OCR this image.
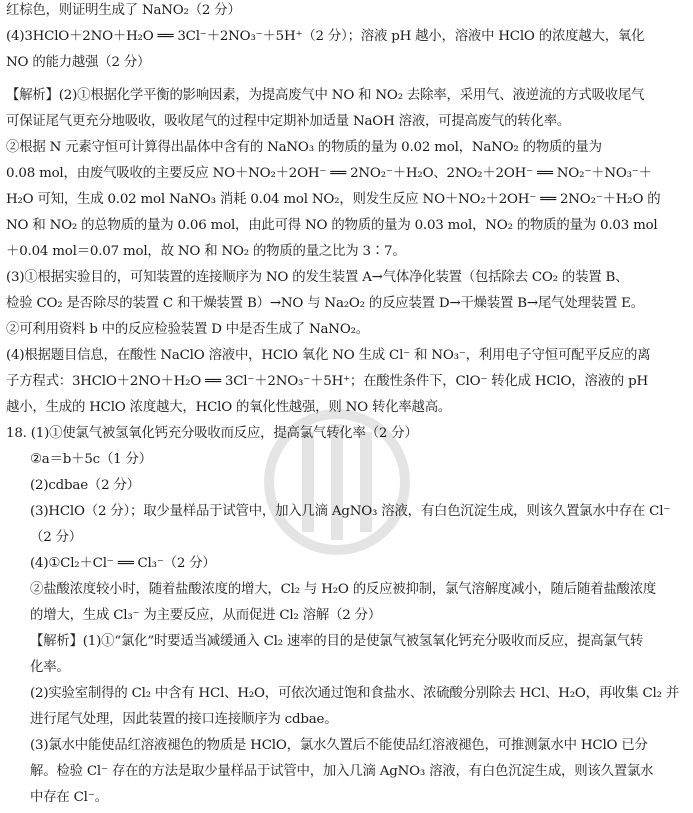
红棕色，则证明生成了 NaNO₂（2 分）
(4)3HClO＋2NO＋H₂O ══ 3Cl⁻＋2NO₃⁻＋5H⁺（2 分）；溶液 pH 越小，溶液中 HClO 的浓度越大，氧化
NO 的能力越强（2 分）
【解析】(2)①根据化学平衡的影响因素，为提高废气中 NO 和 NO₂ 去除率，采用气、液逆流的方式吸收尾气
可保证尾气更充分地吸收，吸收尾气的过程中定期补加适量 NaOH 溶液，可提高废气的转化率。
②根据 N 元素守恒可计算得出晶体中含有的 NaNO₃ 的物质的量为 0.02 mol，NaNO₂ 的物质的量为
0.08 mol，由废气吸收的主要反应 NO＋NO₂＋2OH⁻ ══ 2NO₂⁻＋H₂O、2NO₂＋2OH⁻ ══ NO₂⁻＋NO₃⁻＋
H₂O 可知，生成 0.02 mol NaNO₃ 消耗 0.04 mol NO₂，则发生反应 NO＋NO₂＋2OH⁻ ══ 2NO₂⁻＋H₂O 的
NO 和 NO₂ 的总物质的量为 0.06 mol，由此可得 NO 的物质的量为 0.03 mol，NO₂ 的物质的量为 0.03 mol
＋0.04 mol＝0.07 mol，故 NO 和 NO₂ 的物质的量之比为 3∶7。
(3)①根据实验目的，可知装置的连接顺序为 NO 的发生装置 A→气体净化装置（包括除去 CO₂ 的装置 B、
检验 CO₂ 是否除尽的装置 C 和干燥装置 B）→NO 与 Na₂O₂ 的反应装置 D→干燥装置 B→尾气处理装置 E。
②可利用资料 b 中的反应检验装置 D 中是否生成了 NaNO₂。
(4)根据题目信息，在酸性 NaClO 溶液中，HClO 氧化 NO 生成 Cl⁻ 和 NO₃⁻，利用电子守恒可配平反应的离
子方程式：3HClO＋2NO＋H₂O ══ 3Cl⁻＋2NO₃⁻＋5H⁺；在酸性条件下，ClO⁻ 转化成 HClO，溶液的 pH
越小，生成的 HClO 浓度越大，HClO 的氧化性越强，则 NO 转化率越高。
18. (1)①使氯气被氢氧化钙充分吸收而反应，提高氯气转化率（2 分）
②a＝b＋5c（1 分）
(2)cdbae（2 分）
(3)HClO（2 分）；取少量样品于试管中，加入几滴 AgNO₃ 溶液，有白色沉淀生成，则该久置氯水中存在 Cl⁻
（2 分）
(4)①Cl₂＋Cl⁻ ══ Cl₃⁻（2 分）
②盐酸浓度较小时，随着盐酸浓度的增大，Cl₂ 与 H₂O 的反应被抑制，氯气溶解度减小，随后随着盐酸浓度
的增大，生成 Cl₃⁻ 为主要反应，从而促进 Cl₂ 溶解（2 分）
【解析】(1)①“氯化”时要适当减缓通入 Cl₂ 速率的目的是使氯气被氢氧化钙充分吸收而反应，提高氯气转
化率。
(2)实验室制得的 Cl₂ 中含有 HCl、H₂O，可依次通过饱和食盐水、浓硫酸分别除去 HCl、H₂O，再收集 Cl₂ 并
进行尾气处理，因此装置的接口连接顺序为 cdbae。
(3)氯水中能使品红溶液褪色的物质是 HClO，氯水久置后不能使品红溶液褪色，可推测氯水中 HClO 已分
解。检验 Cl⁻ 存在的方法是取少量样品于试管中，加入几滴 AgNO₃ 溶液，有白色沉淀生成，则该久置氯水
中存在 Cl⁻。
